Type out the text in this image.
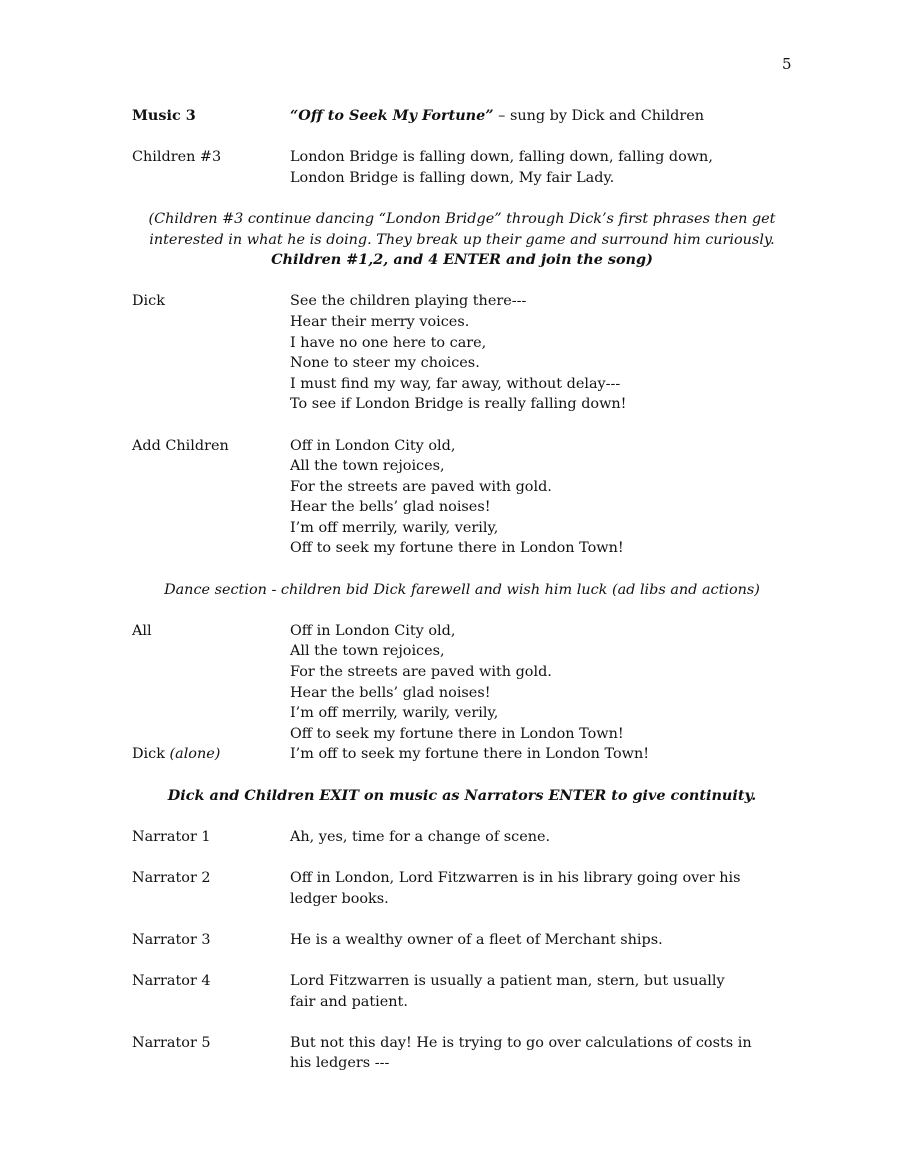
5
Music 3	“Off to Seek My Fortune” – sung by Dick and Children
Children #3	London Bridge is falling down, falling down, falling down,
London Bridge is falling down, My fair Lady.
(Children #3 continue dancing “London Bridge” through Dick’s first phrases then get
interested in what he is doing. They break up their game and surround him curiously.
Children #1,2, and 4 ENTER and join the song)
Dick	See the children playing there---
Hear their merry voices.
I have no one here to care,
None to steer my choices.
I must find my way, far away, without delay---
To see if London Bridge is really falling down!
Add Children	Off in London City old,
All the town rejoices,
For the streets are paved with gold.
Hear the bells’ glad noises!
I’m off merrily, warily, verily,
Off to seek my fortune there in London Town!
Dance section - children bid Dick farewell and wish him luck (ad libs and actions)
All	Off in London City old,
All the town rejoices,
For the streets are paved with gold.
Hear the bells’ glad noises!
I’m off merrily, warily, verily,
Off to seek my fortune there in London Town!
Dick (alone)	I’m off to seek my fortune there in London Town!
Dick and Children EXIT on music as Narrators ENTER to give continuity.
Narrator 1	Ah, yes, time for a change of scene.
Narrator 2	Off in London, Lord Fitzwarren is in his library going over his
ledger books.
Narrator 3	He is a wealthy owner of a fleet of Merchant ships.
Narrator 4	Lord Fitzwarren is usually a patient man, stern, but usually
fair and patient.
Narrator 5	But not this day! He is trying to go over calculations of costs in
his ledgers ---
